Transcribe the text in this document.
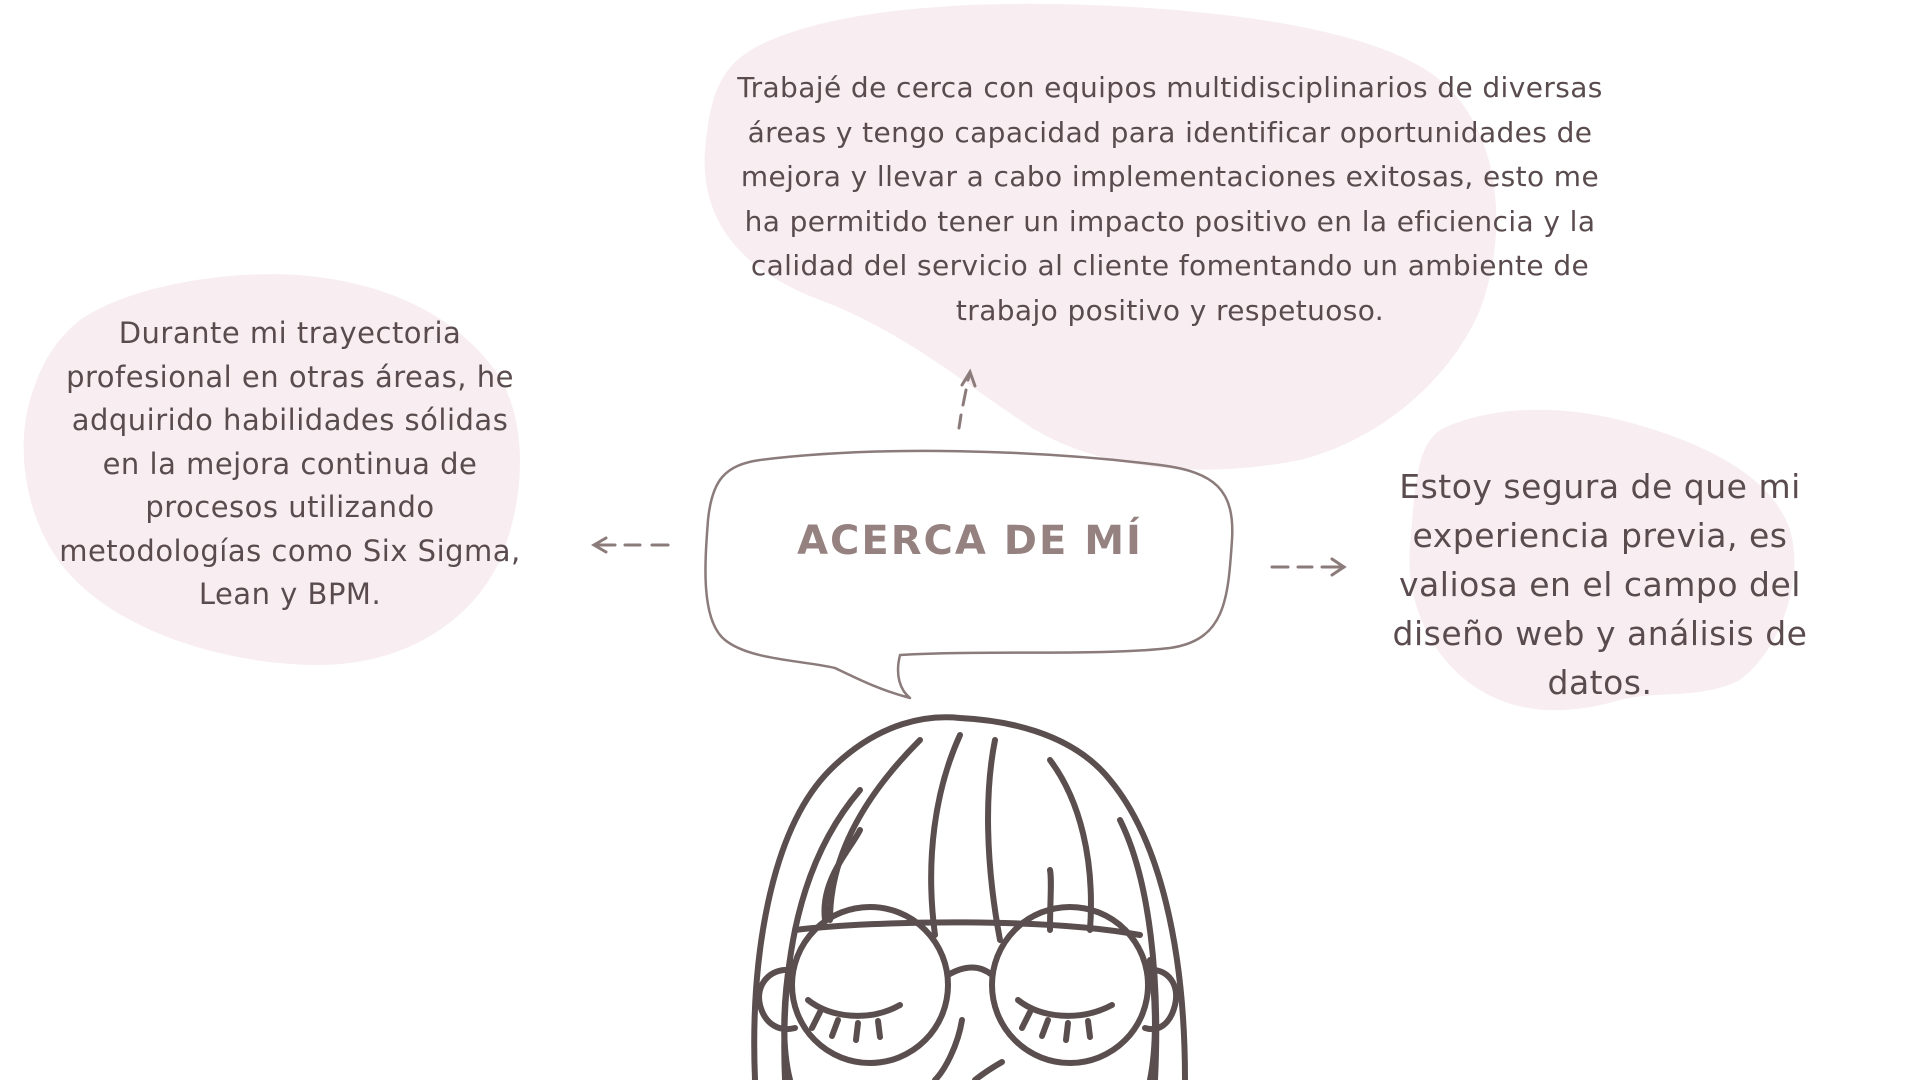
Trabajé de cerca con equipos multidisciplinarios de diversas
áreas y tengo capacidad para identificar oportunidades de
mejora y llevar a cabo implementaciones exitosas, esto me
ha permitido tener un impacto positivo en la eficiencia y la
calidad del servicio al cliente fomentando un ambiente de
trabajo positivo y respetuoso.
Durante mi trayectoria
profesional en otras áreas, he
adquirido habilidades sólidas
en la mejora continua de
procesos utilizando
metodologías como Six Sigma,
Lean y BPM.
Estoy segura de que mi
experiencia previa, es
valiosa en el campo del
diseño web y análisis de
datos.
ACERCA DE MÍ
